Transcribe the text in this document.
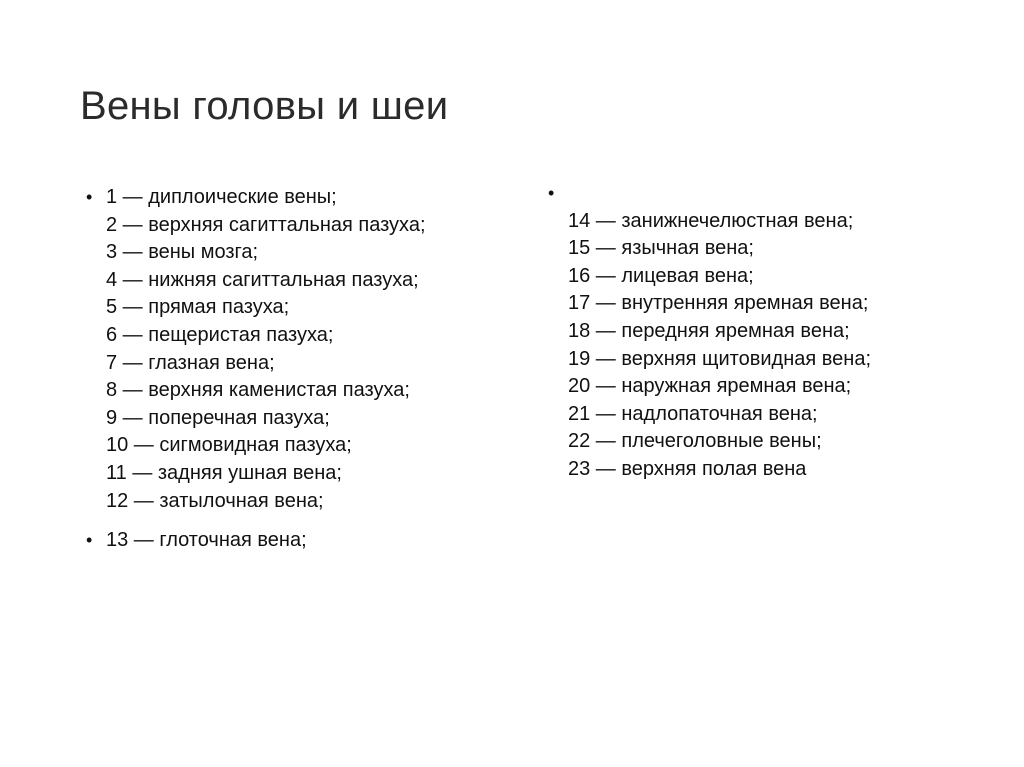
Вены головы и шеи
• 1 — диплоические вены;
2 — верхняя сагиттальная пазуха;
3 — вены мозга;
4 — нижняя сагиттальная пазуха;
5 — прямая пазуха;
6 — пещеристая пазуха;
7 — глазная вена;
8 — верхняя каменистая пазуха;
9 — поперечная пазуха;
10 — сигмовидная пазуха;
11 — задняя ушная вена;
12 — затылочная вена;
• 13 — глоточная вена;
•
14 — занижнечелюстная вена;
15 — язычная вена;
16 — лицевая вена;
17 — внутренняя яремная вена;
18 — передняя яремная вена;
19 — верхняя щитовидная вена;
20 — наружная яремная вена;
21 — надлопаточная вена;
22 — плечеголовные вены;
23 — верхняя полая вена
